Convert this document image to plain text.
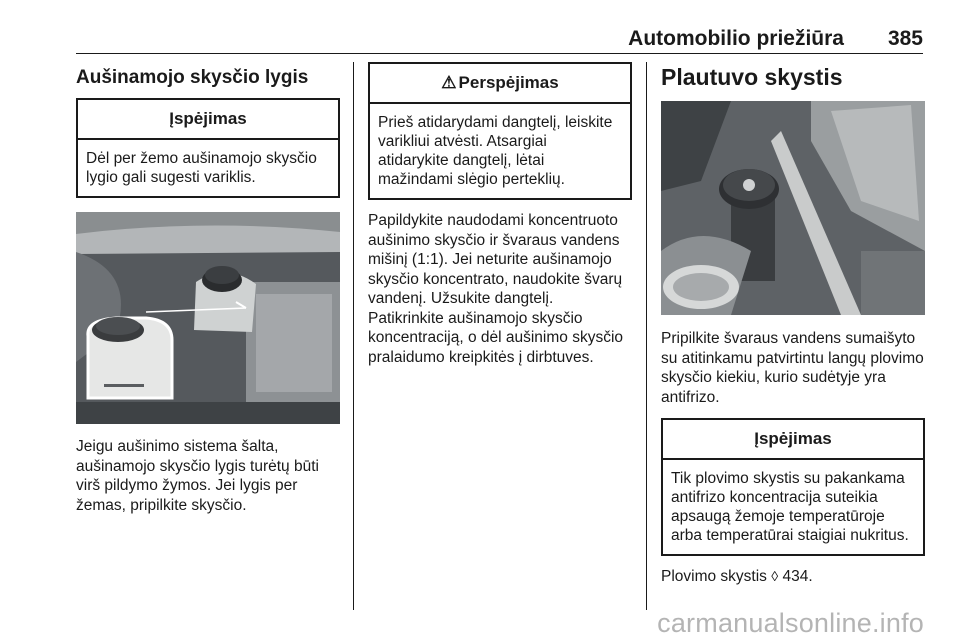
Automobilio priežiūra 385
Aušinamojo skysčio lygis
Įspėjimas
Dėl per žemo aušinamojo skysčio lygio gali sugesti variklis.

Jeigu aušinimo sistema šalta, aušinamojo skysčio lygis turėtų būti virš pildymo žymos. Jei lygis per žemas, pripilkite skysčio.

⚠ Perspėjimas
Prieš atidarydami dangtelį, leiskite varikliui atvėsti. Atsargiai atidarykite dangtelį, lėtai mažindami slėgio perteklių.

Papildykite naudodami koncentruoto aušinimo skysčio ir švaraus vandens mišinį (1:1). Jei neturite aušinamojo skysčio koncentrato, naudokite švarų vandenį. Užsukite dangtelį. Patikrinkite aušinamojo skysčio koncentraciją, o dėl aušinimo skysčio pralaidumo kreipkitės į dirbtuves.

Plautuvo skystis

Pripilkite švaraus vandens sumaišyto su atitinkamu patvirtintu langų plovimo skysčio kiekiu, kurio sudėtyje yra antifrizo.

Įspėjimas
Tik plovimo skystis su pakankama antifrizo koncentracija suteikia apsaugą žemoje temperatūroje arba temperatūrai staigiai nukritus.

Plovimo skystis ◊ 434.

carmanualsonline.info
